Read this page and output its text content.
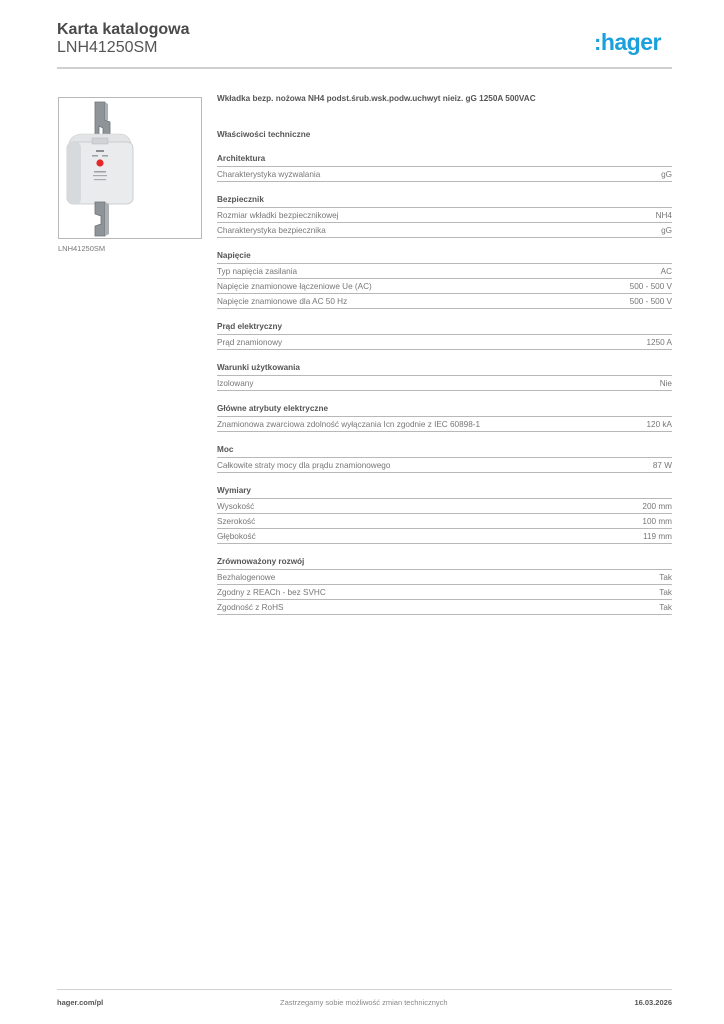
Karta katalogowa
LNH41250SM	:hager
LNH41250SM
Wkładka bezp. nożowa NH4 podst.śrub.wsk.podw.uchwyt nieiz. gG 1250A 500VAC
Właściwości techniczne
Architektura
Charakterystyka wyzwalania	gG
Bezpiecznik
Rozmiar wkładki bezpiecznikowej	NH4
Charakterystyka bezpiecznika	gG
Napięcie
Typ napięcia zasilania	AC
Napięcie znamionowe łączeniowe Ue (AC)	500 - 500 V
Napięcie znamionowe dla AC 50 Hz	500 - 500 V
Prąd elektryczny
Prąd znamionowy	1250 A
Warunki użytkowania
Izolowany	Nie
Główne atrybuty elektryczne
Znamionowa zwarciowa zdolność wyłączania Icn zgodnie z IEC 60898-1	120 kA
Moc
Całkowite straty mocy dla prądu znamionowego	87 W
Wymiary
Wysokość	200 mm
Szerokość	100 mm
Głębokość	119 mm
Zrównoważony rozwój
Bezhalogenowe	Tak
Zgodny z REACh - bez SVHC	Tak
Zgodność z RoHS	Tak
hager.com/pl	Zastrzegamy sobie możliwość zmian technicznych	16.03.2026
